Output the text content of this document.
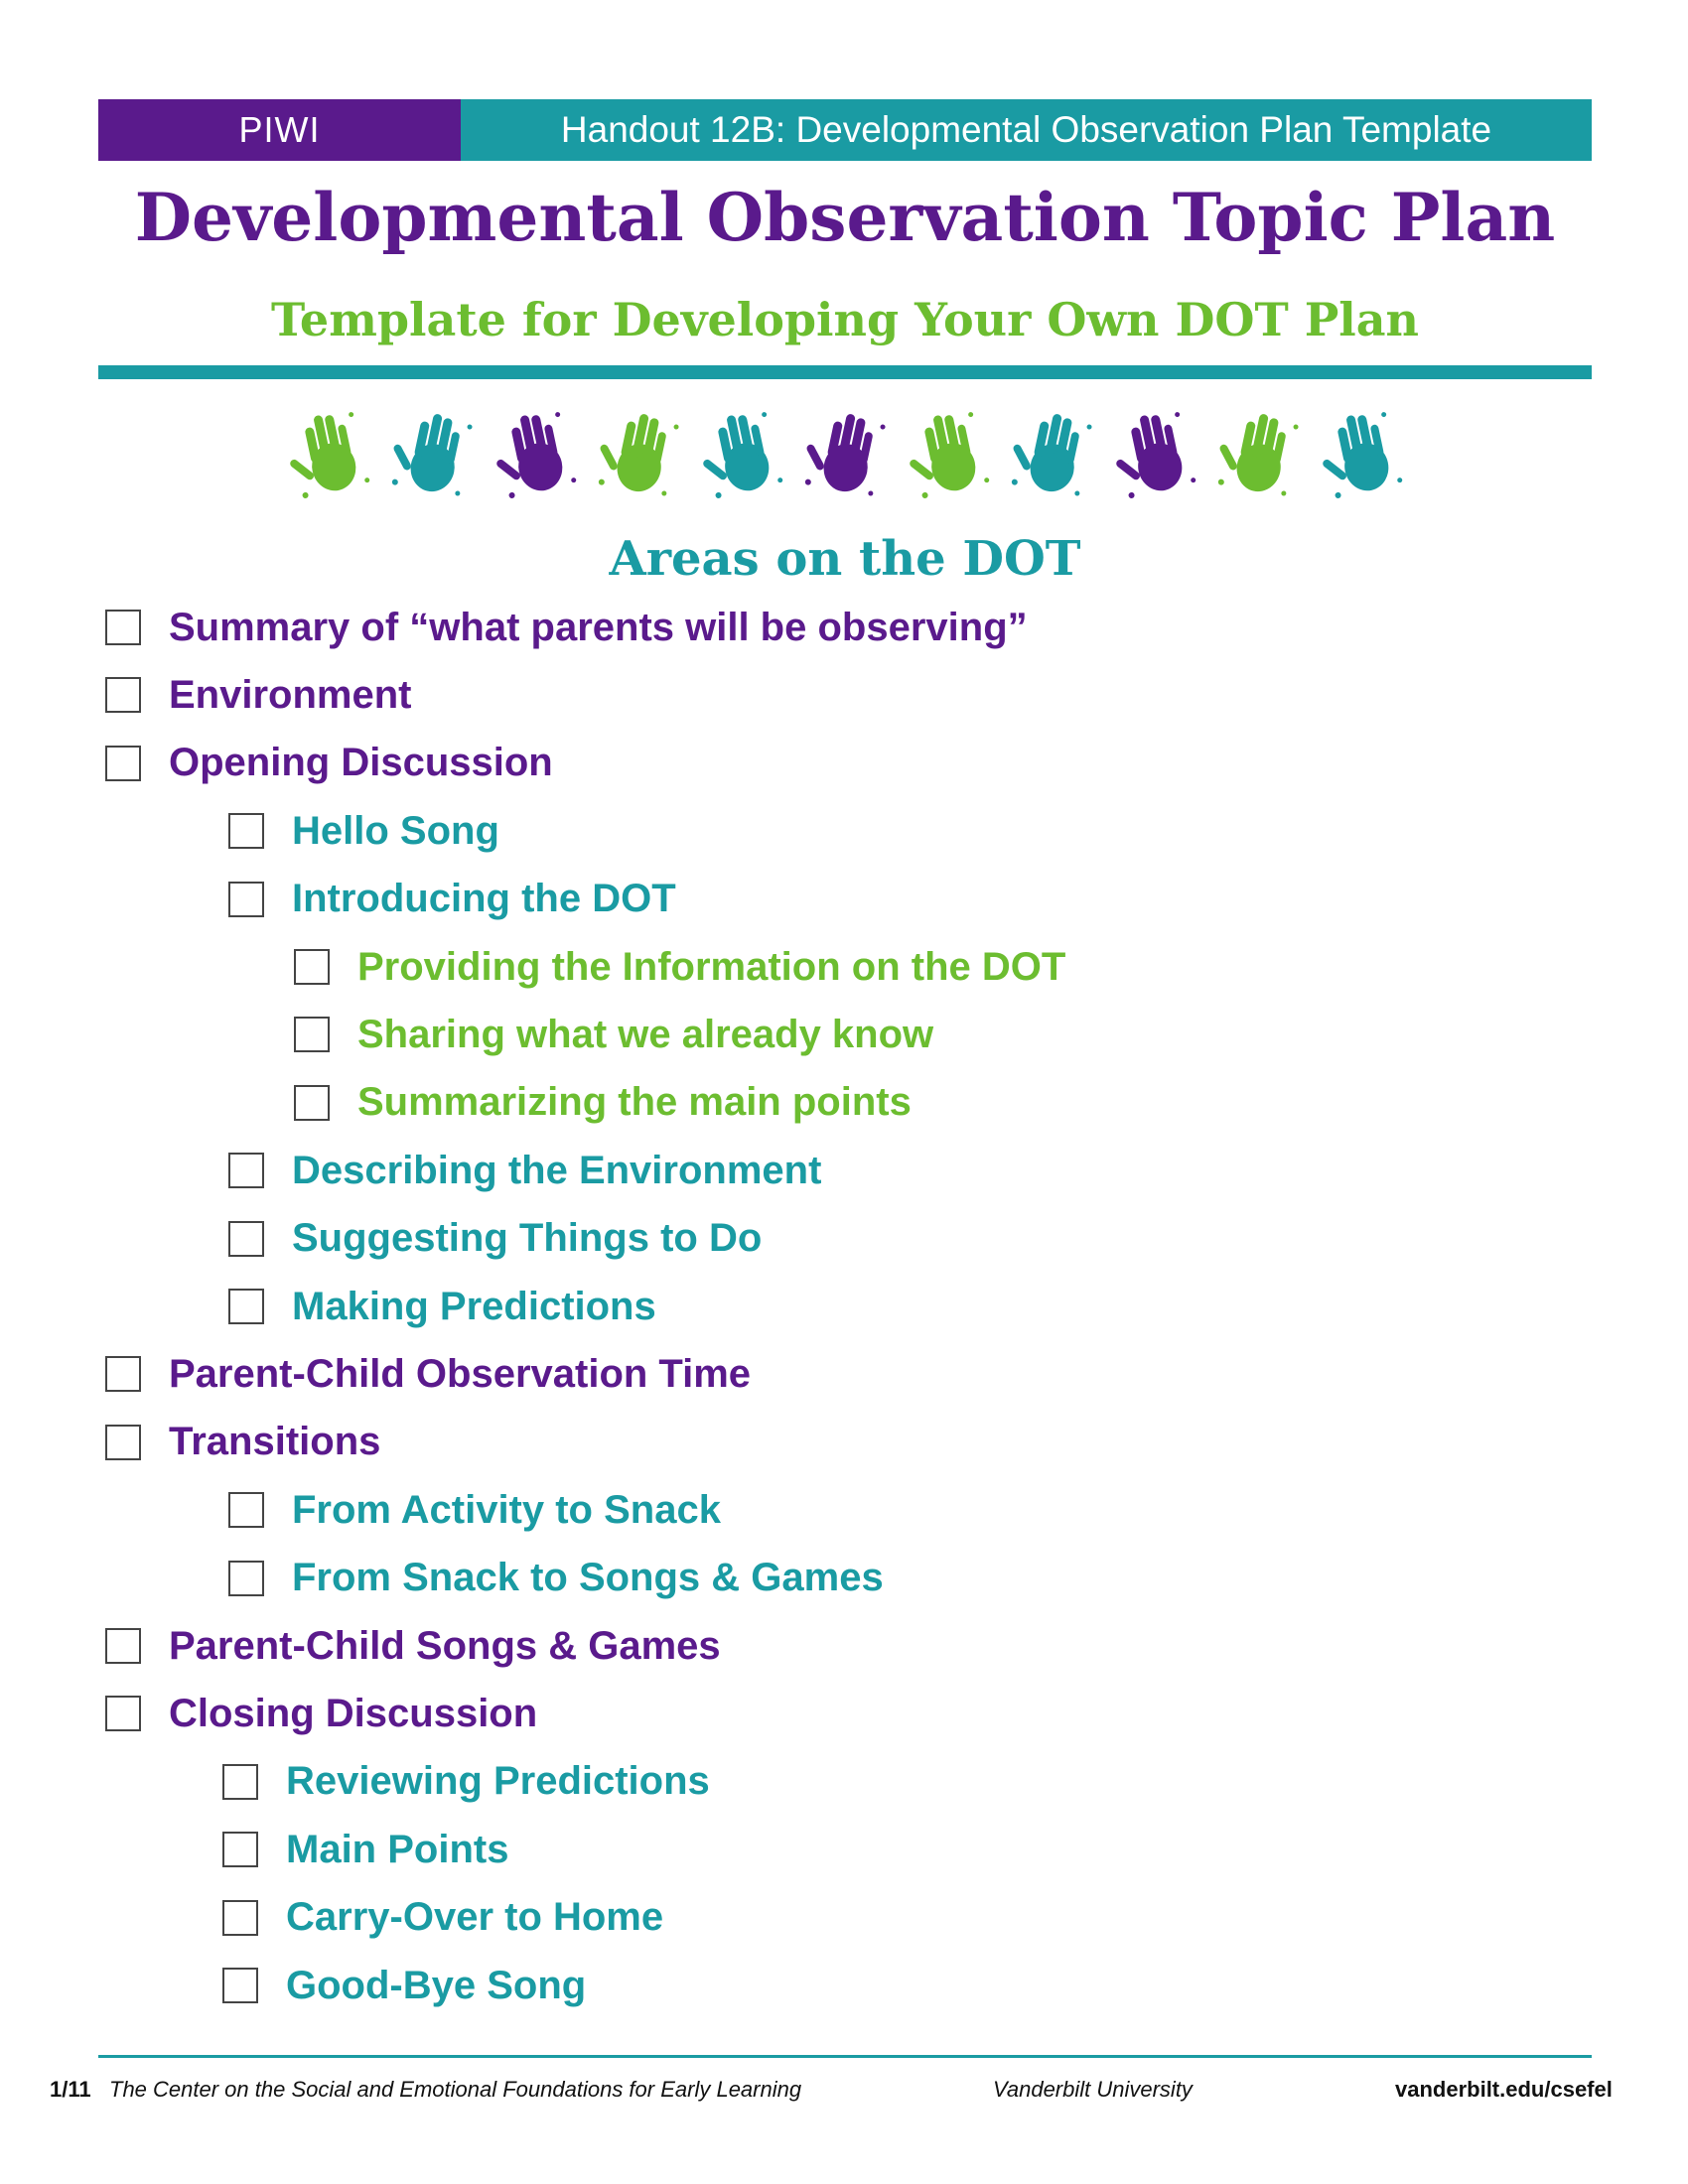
PIWI	Handout 12B: Developmental Observation Plan Template
Developmental Observation Topic Plan
Template for Developing Your Own DOT Plan
Areas on the DOT
Summary of “what parents will be observing”
Environment
Opening Discussion
Hello Song
Introducing the DOT
Providing the Information on the DOT
Sharing what we already know
Summarizing the main points
Describing the Environment
Suggesting Things to Do
Making Predictions
Parent-Child Observation Time
Transitions
From Activity to Snack
From Snack to Songs & Games
Parent-Child Songs & Games
Closing Discussion
Reviewing Predictions
Main Points
Carry-Over to Home
Good-Bye Song
1/11 The Center on the Social and Emotional Foundations for Early Learning	Vanderbilt University	vanderbilt.edu/csefel
